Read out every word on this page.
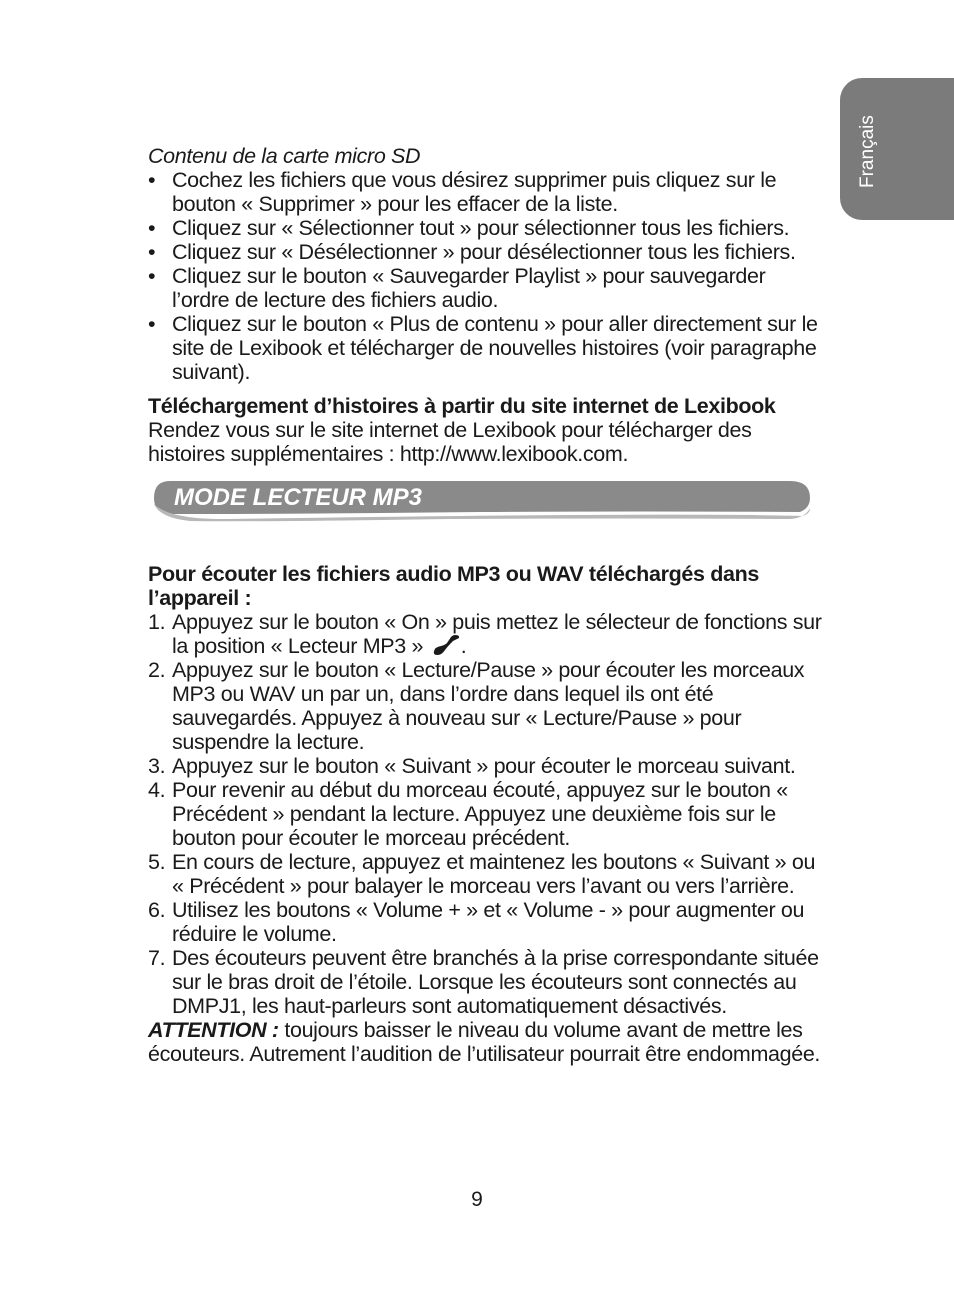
Français
Contenu de la carte micro SD
• Cochez les fichiers que vous désirez supprimer puis cliquez sur le bouton « Supprimer » pour les effacer de la liste.
• Cliquez sur « Sélectionner tout » pour sélectionner tous les fichiers.
• Cliquez sur « Désélectionner » pour désélectionner tous les fichiers.
• Cliquez sur le bouton « Sauvegarder Playlist » pour sauvegarder l’ordre de lecture des fichiers audio.
• Cliquez sur le bouton « Plus de contenu » pour aller directement sur le site de Lexibook et télécharger de nouvelles histoires (voir paragraphe suivant).
Téléchargement d’histoires à partir du site internet de Lexibook
Rendez vous sur le site internet de Lexibook pour télécharger des histoires supplémentaires : http://www.lexibook.com.
MODE LECTEUR MP3
Pour écouter les fichiers audio MP3 ou WAV téléchargés dans l’appareil :
1. Appuyez sur le bouton « On » puis mettez le sélecteur de fonctions sur la position « Lecteur MP3 » .
2. Appuyez sur le bouton « Lecture/Pause » pour écouter les morceaux MP3 ou WAV un par un, dans l’ordre dans lequel ils ont été sauvegardés. Appuyez à nouveau sur « Lecture/Pause » pour suspendre la lecture.
3. Appuyez sur le bouton « Suivant » pour écouter le morceau suivant.
4. Pour revenir au début du morceau écouté, appuyez sur le bouton « Précédent » pendant la lecture. Appuyez une deuxième fois sur le bouton pour écouter le morceau précédent.
5. En cours de lecture, appuyez et maintenez les boutons « Suivant » ou « Précédent » pour balayer le morceau vers l’avant ou vers l’arrière.
6. Utilisez les boutons « Volume + » et « Volume - » pour augmenter ou réduire le volume.
7. Des écouteurs peuvent être branchés à la prise correspondante située sur le bras droit de l’étoile. Lorsque les écouteurs sont connectés au DMPJ1, les haut-parleurs sont automatiquement désactivés.
ATTENTION : toujours baisser le niveau du volume avant de mettre les écouteurs. Autrement l’audition de l’utilisateur pourrait être endommagée.
9
